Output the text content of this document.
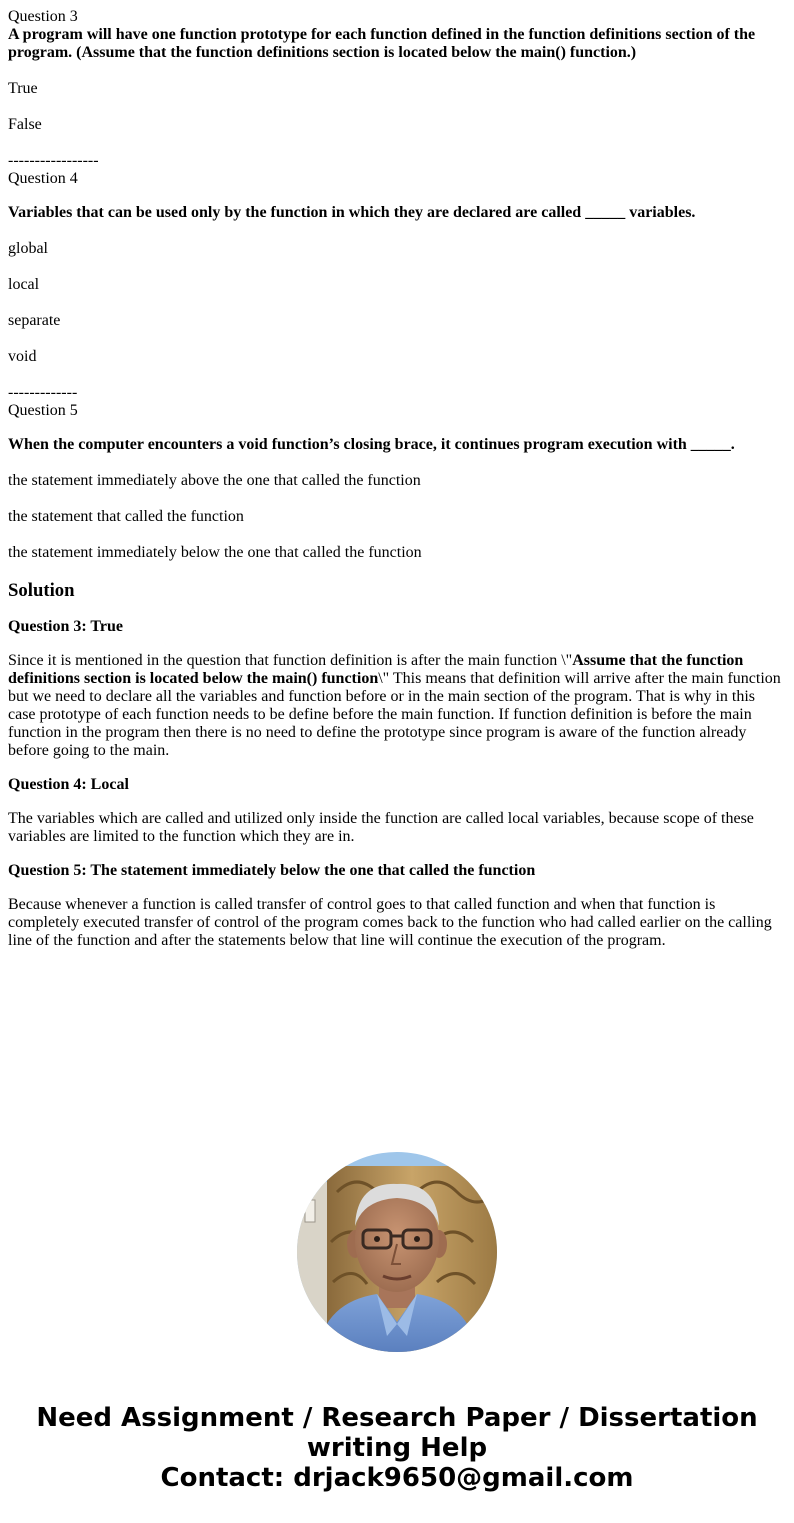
Question 3
A program will have one function prototype for each function defined in the function definitions section of the program. (Assume that the function definitions section is located below the main() function.)
True
False
-----------------
Question 4
Variables that can be used only by the function in which they are declared are called _____ variables.
global
local
separate
void
-------------
Question 5
When the computer encounters a void function’s closing brace, it continues program execution with _____.
the statement immediately above the one that called the function
the statement that called the function
the statement immediately below the one that called the function
Solution
Question 3: True
Since it is mentioned in the question that function definition is after the main function \"Assume that the function definitions section is located below the main() function\" This means that definition will arrive after the main function but we need to declare all the variables and function before or in the main section of the program. That is why in this case prototype of each function needs to be define before the main function. If function definition is before the main function in the program then there is no need to define the prototype since program is aware of the function already before going to the main.
Question 4: Local
The variables which are called and utilized only inside the function are called local variables, because scope of these variables are limited to the function which they are in.
Question 5: The statement immediately below the one that called the function
Because whenever a function is called transfer of control goes to that called function and when that function is completely executed transfer of control of the program comes back to the function who had called earlier on the calling line of the function and after the statements below that line will continue the execution of the program.
Need Assignment / Research Paper / Dissertation
writing Help
Contact: drjack9650@gmail.com
